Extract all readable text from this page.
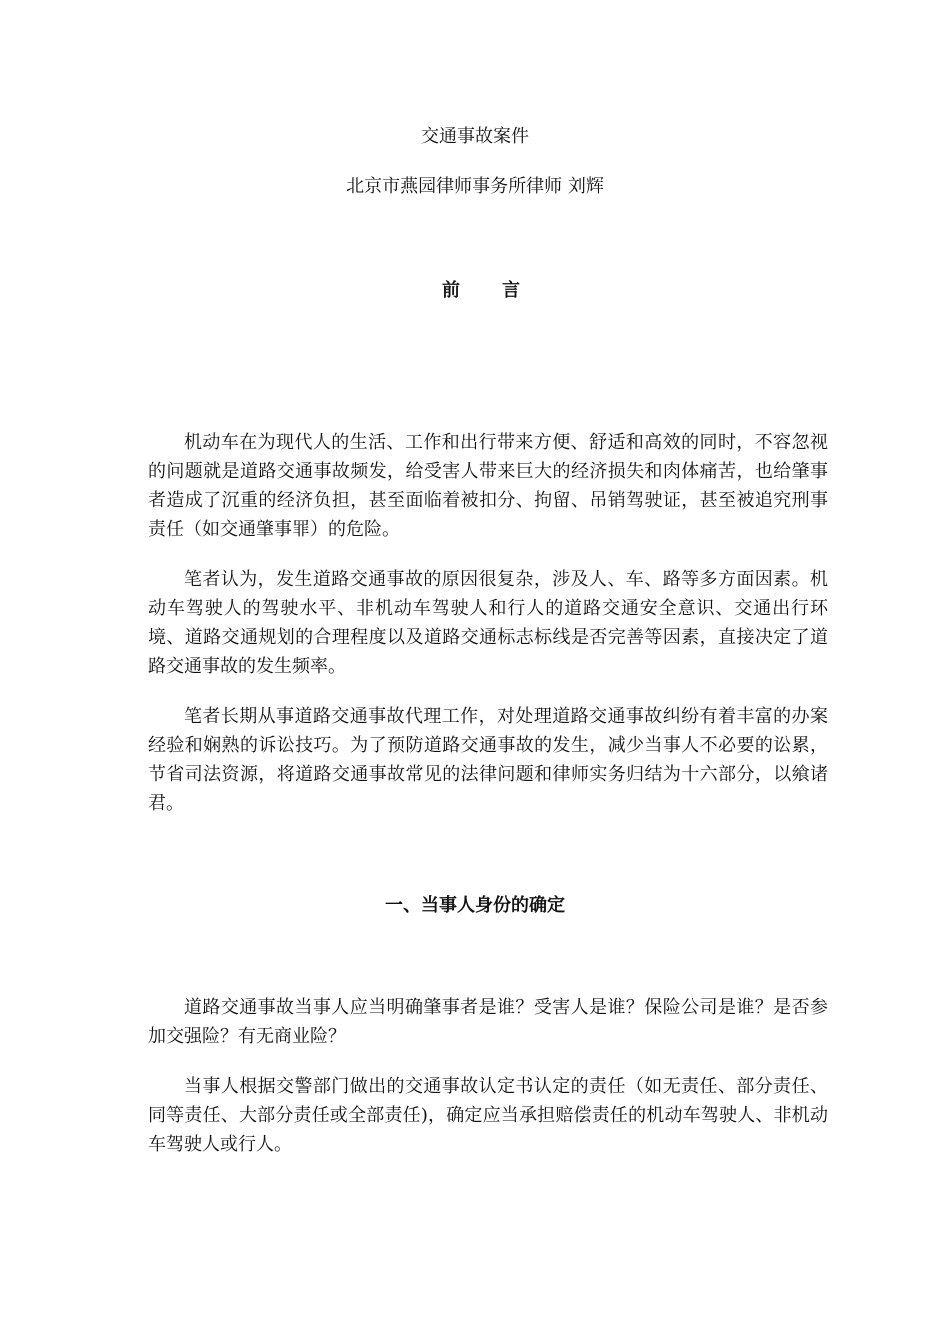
交通事故案件
北京市燕园律师事务所律师 刘辉
前　言

机动车在为现代人的生活、工作和出行带来方便、舒适和高效的同时，不容忽视的问题就是道路交通事故频发，给受害人带来巨大的经济损失和肉体痛苦，也给肇事者造成了沉重的经济负担，甚至面临着被扣分、拘留、吊销驾驶证，甚至被追究刑事责任（如交通肇事罪）的危险。

笔者认为，发生道路交通事故的原因很复杂，涉及人、车、路等多方面因素。机动车驾驶人的驾驶水平、非机动车驾驶人和行人的道路交通安全意识、交通出行环境、道路交通规划的合理程度以及道路交通标志标线是否完善等因素，直接决定了道路交通事故的发生频率。

笔者长期从事道路交通事故代理工作，对处理道路交通事故纠纷有着丰富的办案经验和娴熟的诉讼技巧。为了预防道路交通事故的发生，减少当事人不必要的讼累，节省司法资源，将道路交通事故常见的法律问题和律师实务归结为十六部分，以飨诸君。

一、当事人身份的确定

道路交通事故当事人应当明确肇事者是谁？受害人是谁？保险公司是谁？是否参加交强险？有无商业险？

当事人根据交警部门做出的交通事故认定书认定的责任（如无责任、部分责任、同等责任、大部分责任或全部责任)，确定应当承担赔偿责任的机动车驾驶人、非机动车驾驶人或行人。
